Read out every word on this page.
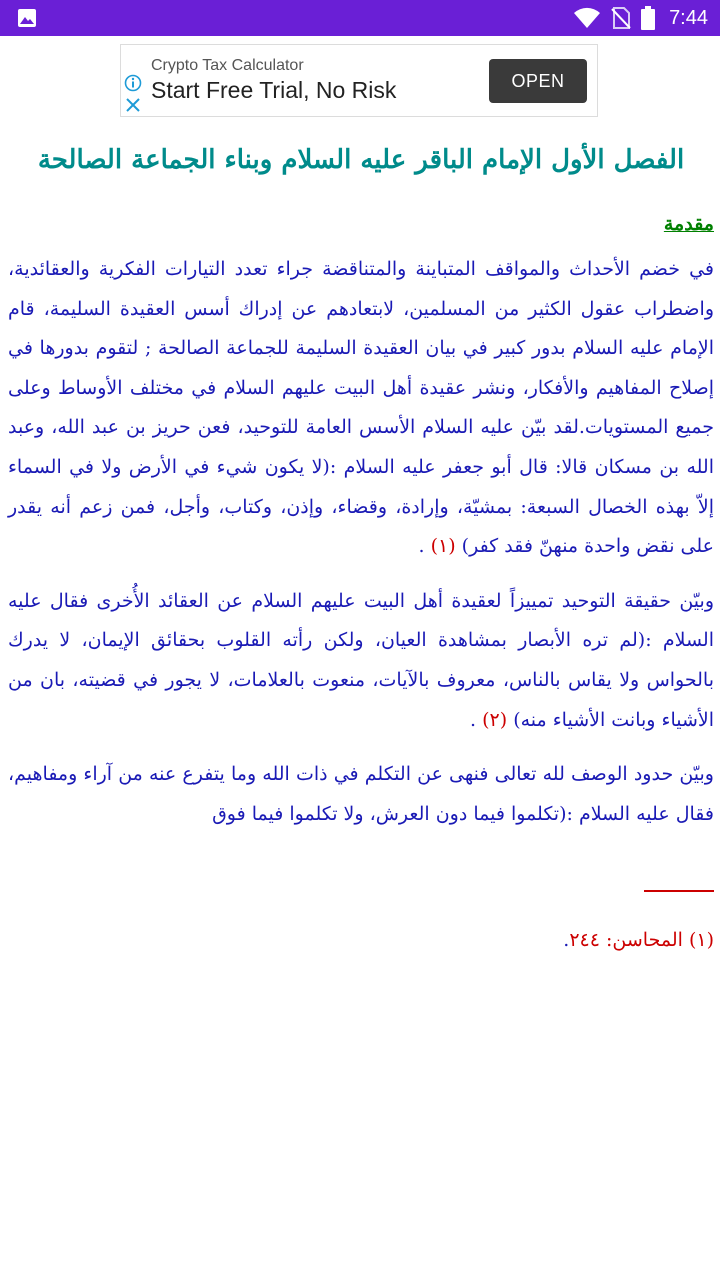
7:44
Crypto Tax Calculator
Start Free Trial, No Risk	OPEN
الفصل الأول الإمام الباقر عليه السلام وبناء الجماعة الصالحة
مقدمة

في خضم الأحداث والمواقف المتباينة والمتناقضة جراء تعدد التيارات الفكرية والعقائدية، واضطراب عقول الكثير من المسلمين، لابتعادهم عن إدراك أسس العقيدة السليمة، قام الإمام عليه السلام بدور كبير في بيان العقيدة السليمة للجماعة الصالحة ; لتقوم بدورها في إصلاح المفاهيم والأفكار، ونشر عقيدة أهل البيت عليهم السلام في مختلف الأوساط وعلى جميع المستويات.لقد بيّن عليه السلام الأسس العامة للتوحيد، فعن حريز بن عبد الله، وعبد الله بن مسكان قالا: قال أبو جعفر عليه السلام :(لا يكون شيء في الأرض ولا في السماء إلاّ بهذه الخصال السبعة: بمشيّة، وإرادة، وقضاء، وإذن، وكتاب، وأجل، فمن زعم أنه يقدر على نقض واحدة منهنّ فقد كفر) (١) .

وبيّن حقيقة التوحيد تمييزاً لعقيدة أهل البيت عليهم السلام عن العقائد الأُخرى فقال عليه السلام :(لم تره الأبصار بمشاهدة العيان، ولكن رأته القلوب بحقائق الإيمان، لا يدرك بالحواس ولا يقاس بالناس، معروف بالآيات، منعوت بالعلامات، لا يجور في قضيته، بان من الأشياء وبانت الأشياء منه) (٢) .

وبيّن حدود الوصف لله تعالى فنهى عن التكلم في ذات الله وما يتفرع عنه من آراء ومفاهيم، فقال عليه السلام :(تكلموا فيما دون العرش، ولا تكلموا فيما فوق

(١) المحاسن: ٢٤٤.
